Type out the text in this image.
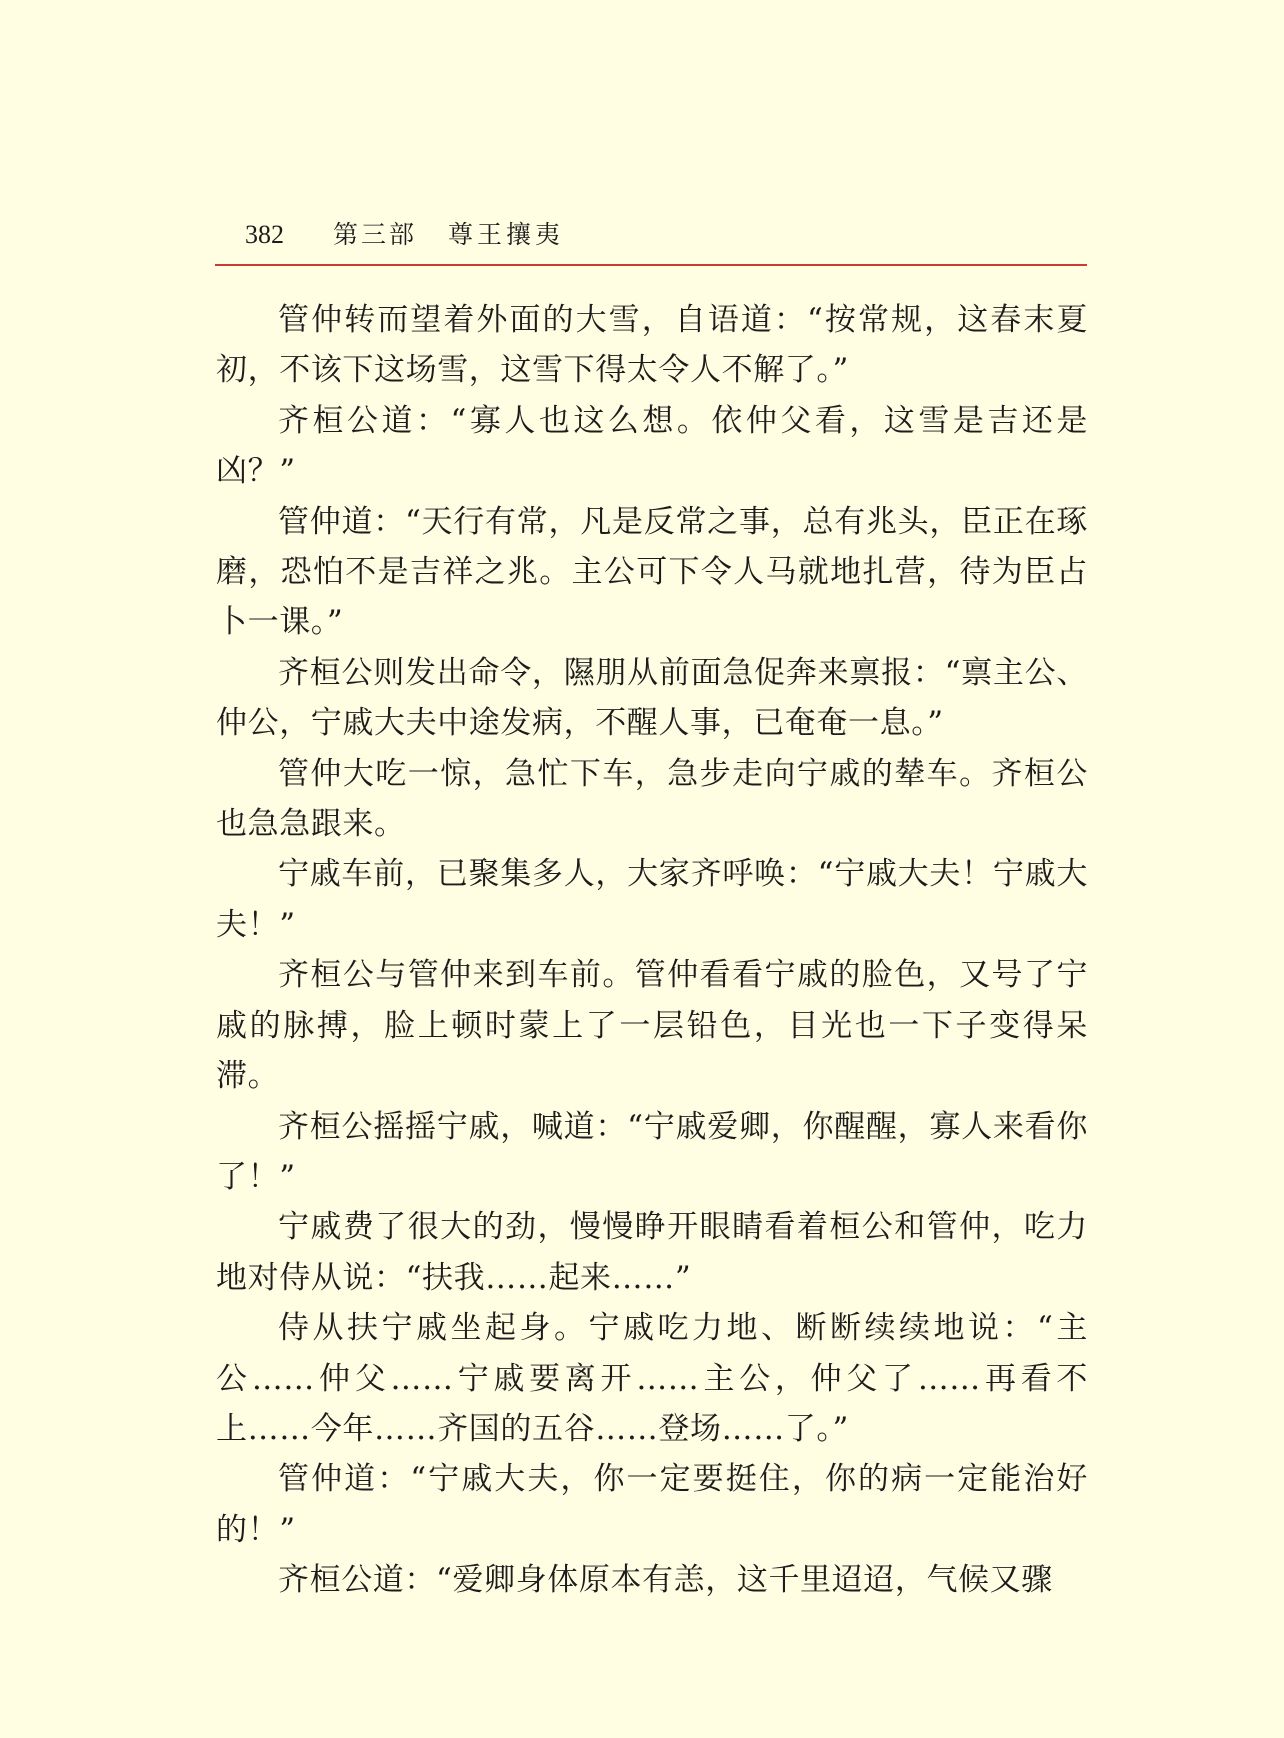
382 第三部 尊王攘夷

管仲转而望着外面的大雪，自语道：“按常规，这春末夏初，不该下这场雪，这雪下得太令人不解了。”

齐桓公道：“寡人也这么想。依仲父看，这雪是吉还是凶？”

管仲道：“天行有常，凡是反常之事，总有兆头，臣正在琢磨，恐怕不是吉祥之兆。主公可下令人马就地扎营，待为臣占卜一课。”

齐桓公则发出命令，隰朋从前面急促奔来禀报：“禀主公、仲公，宁戚大夫中途发病，不醒人事，已奄奄一息。”

管仲大吃一惊，急忙下车，急步走向宁戚的辇车。齐桓公也急急跟来。

宁戚车前，已聚集多人，大家齐呼唤：“宁戚大夫！宁戚大夫！”

齐桓公与管仲来到车前。管仲看看宁戚的脸色，又号了宁戚的脉搏，脸上顿时蒙上了一层铅色，目光也一下子变得呆滞。

齐桓公摇摇宁戚，喊道：“宁戚爱卿，你醒醒，寡人来看你了！”

宁戚费了很大的劲，慢慢睁开眼睛看着桓公和管仲，吃力地对侍从说：“扶我……起来……”

侍从扶宁戚坐起身。宁戚吃力地、断断续续地说：“主公……仲父……宁戚要离开……主公，仲父了……再看不上……今年……齐国的五谷……登场……了。”

管仲道：“宁戚大夫，你一定要挺住，你的病一定能治好的！”

齐桓公道：“爱卿身体原本有恙，这千里迢迢，气候又骤
